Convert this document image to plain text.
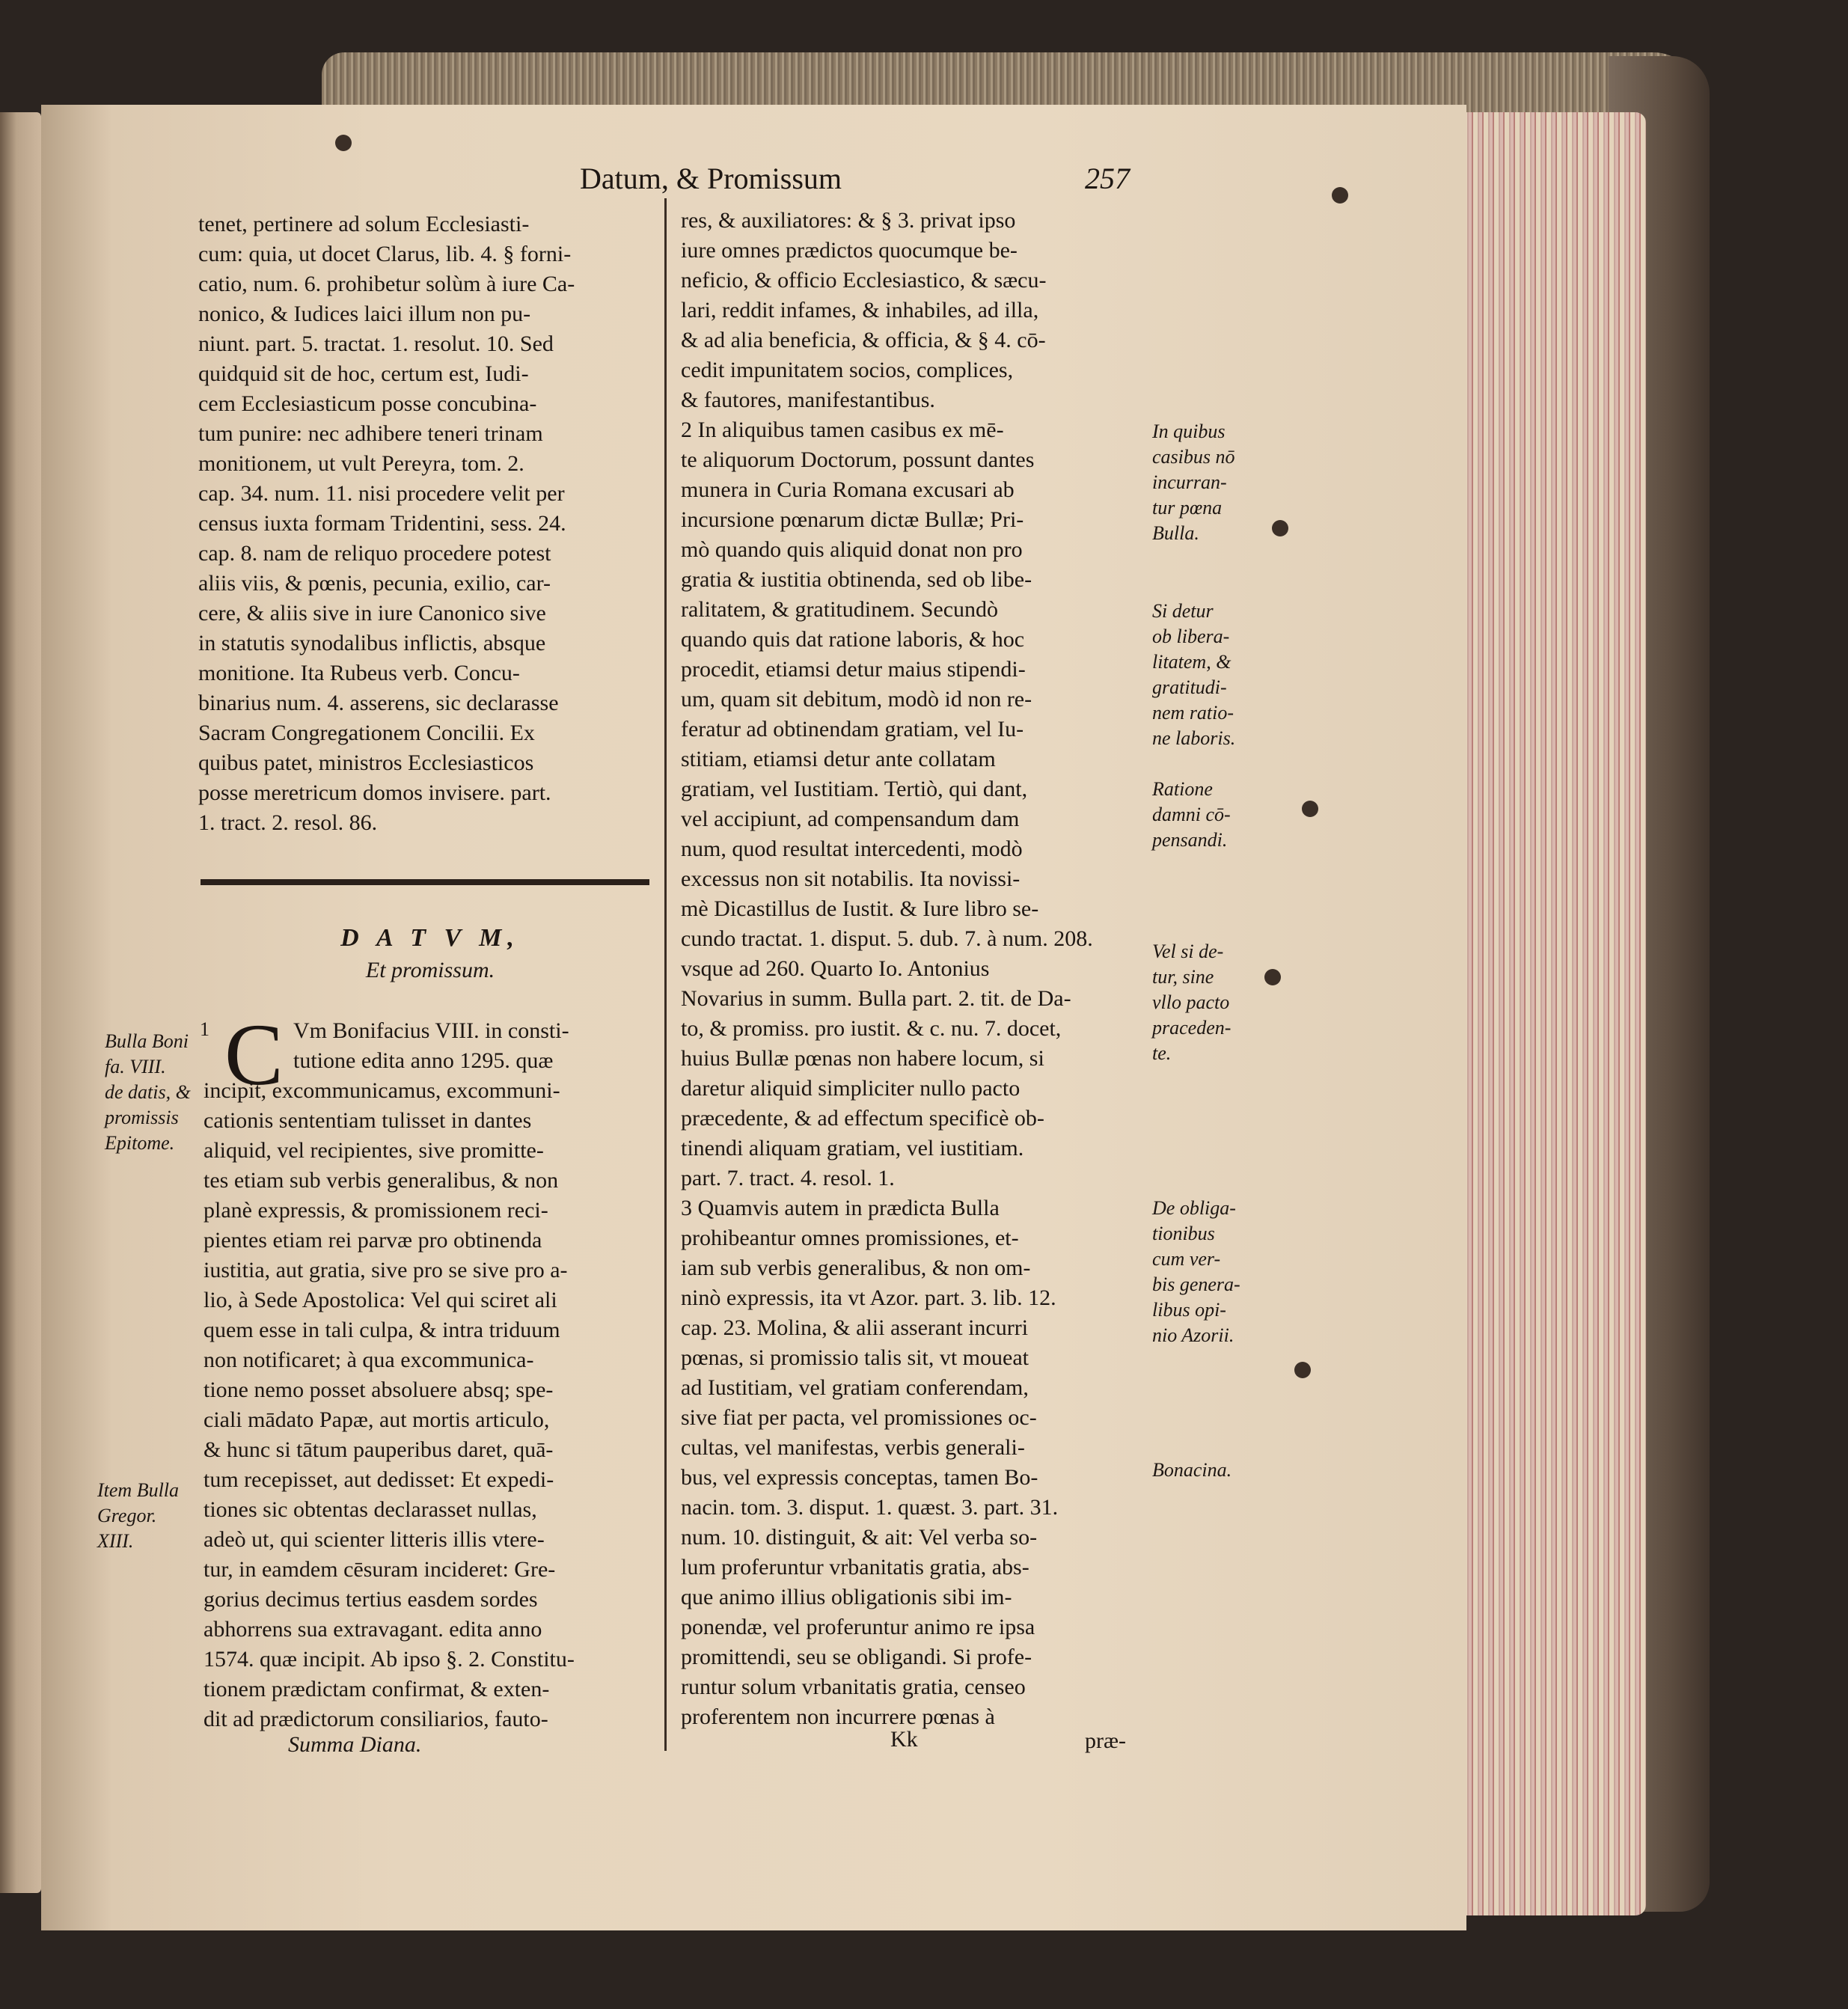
Datum, & Promissum	257

tenet, pertinere ad solum Ecclesiasti-

cum: quia, ut docet Clarus, lib. 4. § forni-

catio, num. 6. prohibetur solùm à iure Ca-

nonico, & Iudices laici illum non pu-

niunt. part. 5. tractat. 1. resolut. 10. Sed

quidquid sit de hoc, certum est, Iudi-

cem Ecclesiasticum posse concubina-

tum punire: nec adhibere teneri trinam

monitionem, ut vult Pereyra, tom. 2.

cap. 34. num. 11. nisi procedere velit per

census iuxta formam Tridentini, sess. 24.

cap. 8. nam de reliquo procedere potest

aliis viis, & pœnis, pecunia, exilio, car-

cere, & aliis sive in iure Canonico sive

in statutis synodalibus inflictis, absque

monitione. Ita Rubeus verb. Concu-

binarius num. 4. asserens, sic declarasse

Sacram Congregationem Concilii. Ex

quibus patet, ministros Ecclesiasticos

posse meretricum domos invisere. part.

1. tract. 2. resol. 86.

D A T V M,
Et promissum.
C
1	Vm Bonifacius VIII. in consti-

tutione edita anno 1295. quæ

incipit, excommunicamus, excommuni-

cationis sententiam tulisset in dantes

aliquid, vel recipientes, sive promitte-

tes etiam sub verbis generalibus, & non

planè expressis, & promissionem reci-

pientes etiam rei parvæ pro obtinenda

iustitia, aut gratia, sive pro se sive pro a-

lio, à Sede Apostolica: Vel qui sciret ali

quem esse in tali culpa, & intra triduum

non notificaret; à qua excommunica-

tione nemo posset absoluere absq; spe-

ciali mādato Papæ, aut mortis articulo,

& hunc si tātum pauperibus daret, quā-

tum recepisset, aut dedisset: Et expedi-

tiones sic obtentas declarasset nullas,

adeò ut, qui scienter litteris illis vtere-

tur, in eamdem cēsuram incideret: Gre-

gorius decimus tertius easdem sordes

abhorrens sua extravagant. edita anno

1574. quæ incipit. Ab ipso §. 2. Constitu-

tionem prædictam confirmat, & exten-

dit ad prædictorum consiliarios, fauto-

res, & auxiliatores: & § 3. privat ipso

iure omnes prædictos quocumque be-

neficio, & officio Ecclesiastico, & sæcu-

lari, reddit infames, & inhabiles, ad illa,

& ad alia beneficia, & officia, & § 4. cō-

cedit impunitatem socios, complices,

& fautores, manifestantibus.

2 In aliquibus tamen casibus ex mē-

te aliquorum Doctorum, possunt dantes

munera in Curia Romana excusari ab

incursione pœnarum dictæ Bullæ; Pri-

mò quando quis aliquid donat non pro

gratia & iustitia obtinenda, sed ob libe-

ralitatem, & gratitudinem. Secundò

quando quis dat ratione laboris, & hoc

procedit, etiamsi detur maius stipendi-

um, quam sit debitum, modò id non re-

feratur ad obtinendam gratiam, vel Iu-

stitiam, etiamsi detur ante collatam

gratiam, vel Iustitiam. Tertiò, qui dant,

vel accipiunt, ad compensandum dam

num, quod resultat intercedenti, modò

excessus non sit notabilis. Ita novissi-

mè Dicastillus de Iustit. & Iure libro se-

cundo tractat. 1. disput. 5. dub. 7. à num. 208.

vsque ad 260. Quarto Io. Antonius

Novarius in summ. Bulla part. 2. tit. de Da-

to, & promiss. pro iustit. & c. nu. 7. docet,

huius Bullæ pœnas non habere locum, si

daretur aliquid simpliciter nullo pacto

præcedente, & ad effectum specificè ob-

tinendi aliquam gratiam, vel iustitiam.

part. 7. tract. 4. resol. 1.

3 Quamvis autem in prædicta Bulla

prohibeantur omnes promissiones, et-

iam sub verbis generalibus, & non om-

ninò expressis, ita vt Azor. part. 3. lib. 12.

cap. 23. Molina, & alii asserant incurri

pœnas, si promissio talis sit, vt moueat

ad Iustitiam, vel gratiam conferendam,

sive fiat per pacta, vel promissiones oc-

cultas, vel manifestas, verbis generali-

bus, vel expressis conceptas, tamen Bo-

nacin. tom. 3. disput. 1. quæst. 3. part. 31.

num. 10. distinguit, & ait: Vel verba so-

lum proferuntur vrbanitatis gratia, abs-

que animo illius obligationis sibi im-

ponendæ, vel proferuntur animo re ipsa

promittendi, seu se obligandi. Si profe-

runtur solum vrbanitatis gratia, censeo

proferentem non incurrere pœnas à

Bulla Boni

fa. VIII.

de datis, &

promissis

Epitome.

Item Bulla

Gregor.

XIII.

In quibus

casibus nō

incurran-

tur pœna

Bulla.

Si detur

ob libera-

litatem, &

gratitudi-

nem ratio-

ne laboris.

Ratione

damni cō-

pensandi.

Vel si de-

tur, sine

vllo pacto

praceden-

te.

De obliga-

tionibus

cum ver-

bis genera-

libus opi-

nio Azorii.

Bonacina.

Summa Diana.	Kk	præ-
